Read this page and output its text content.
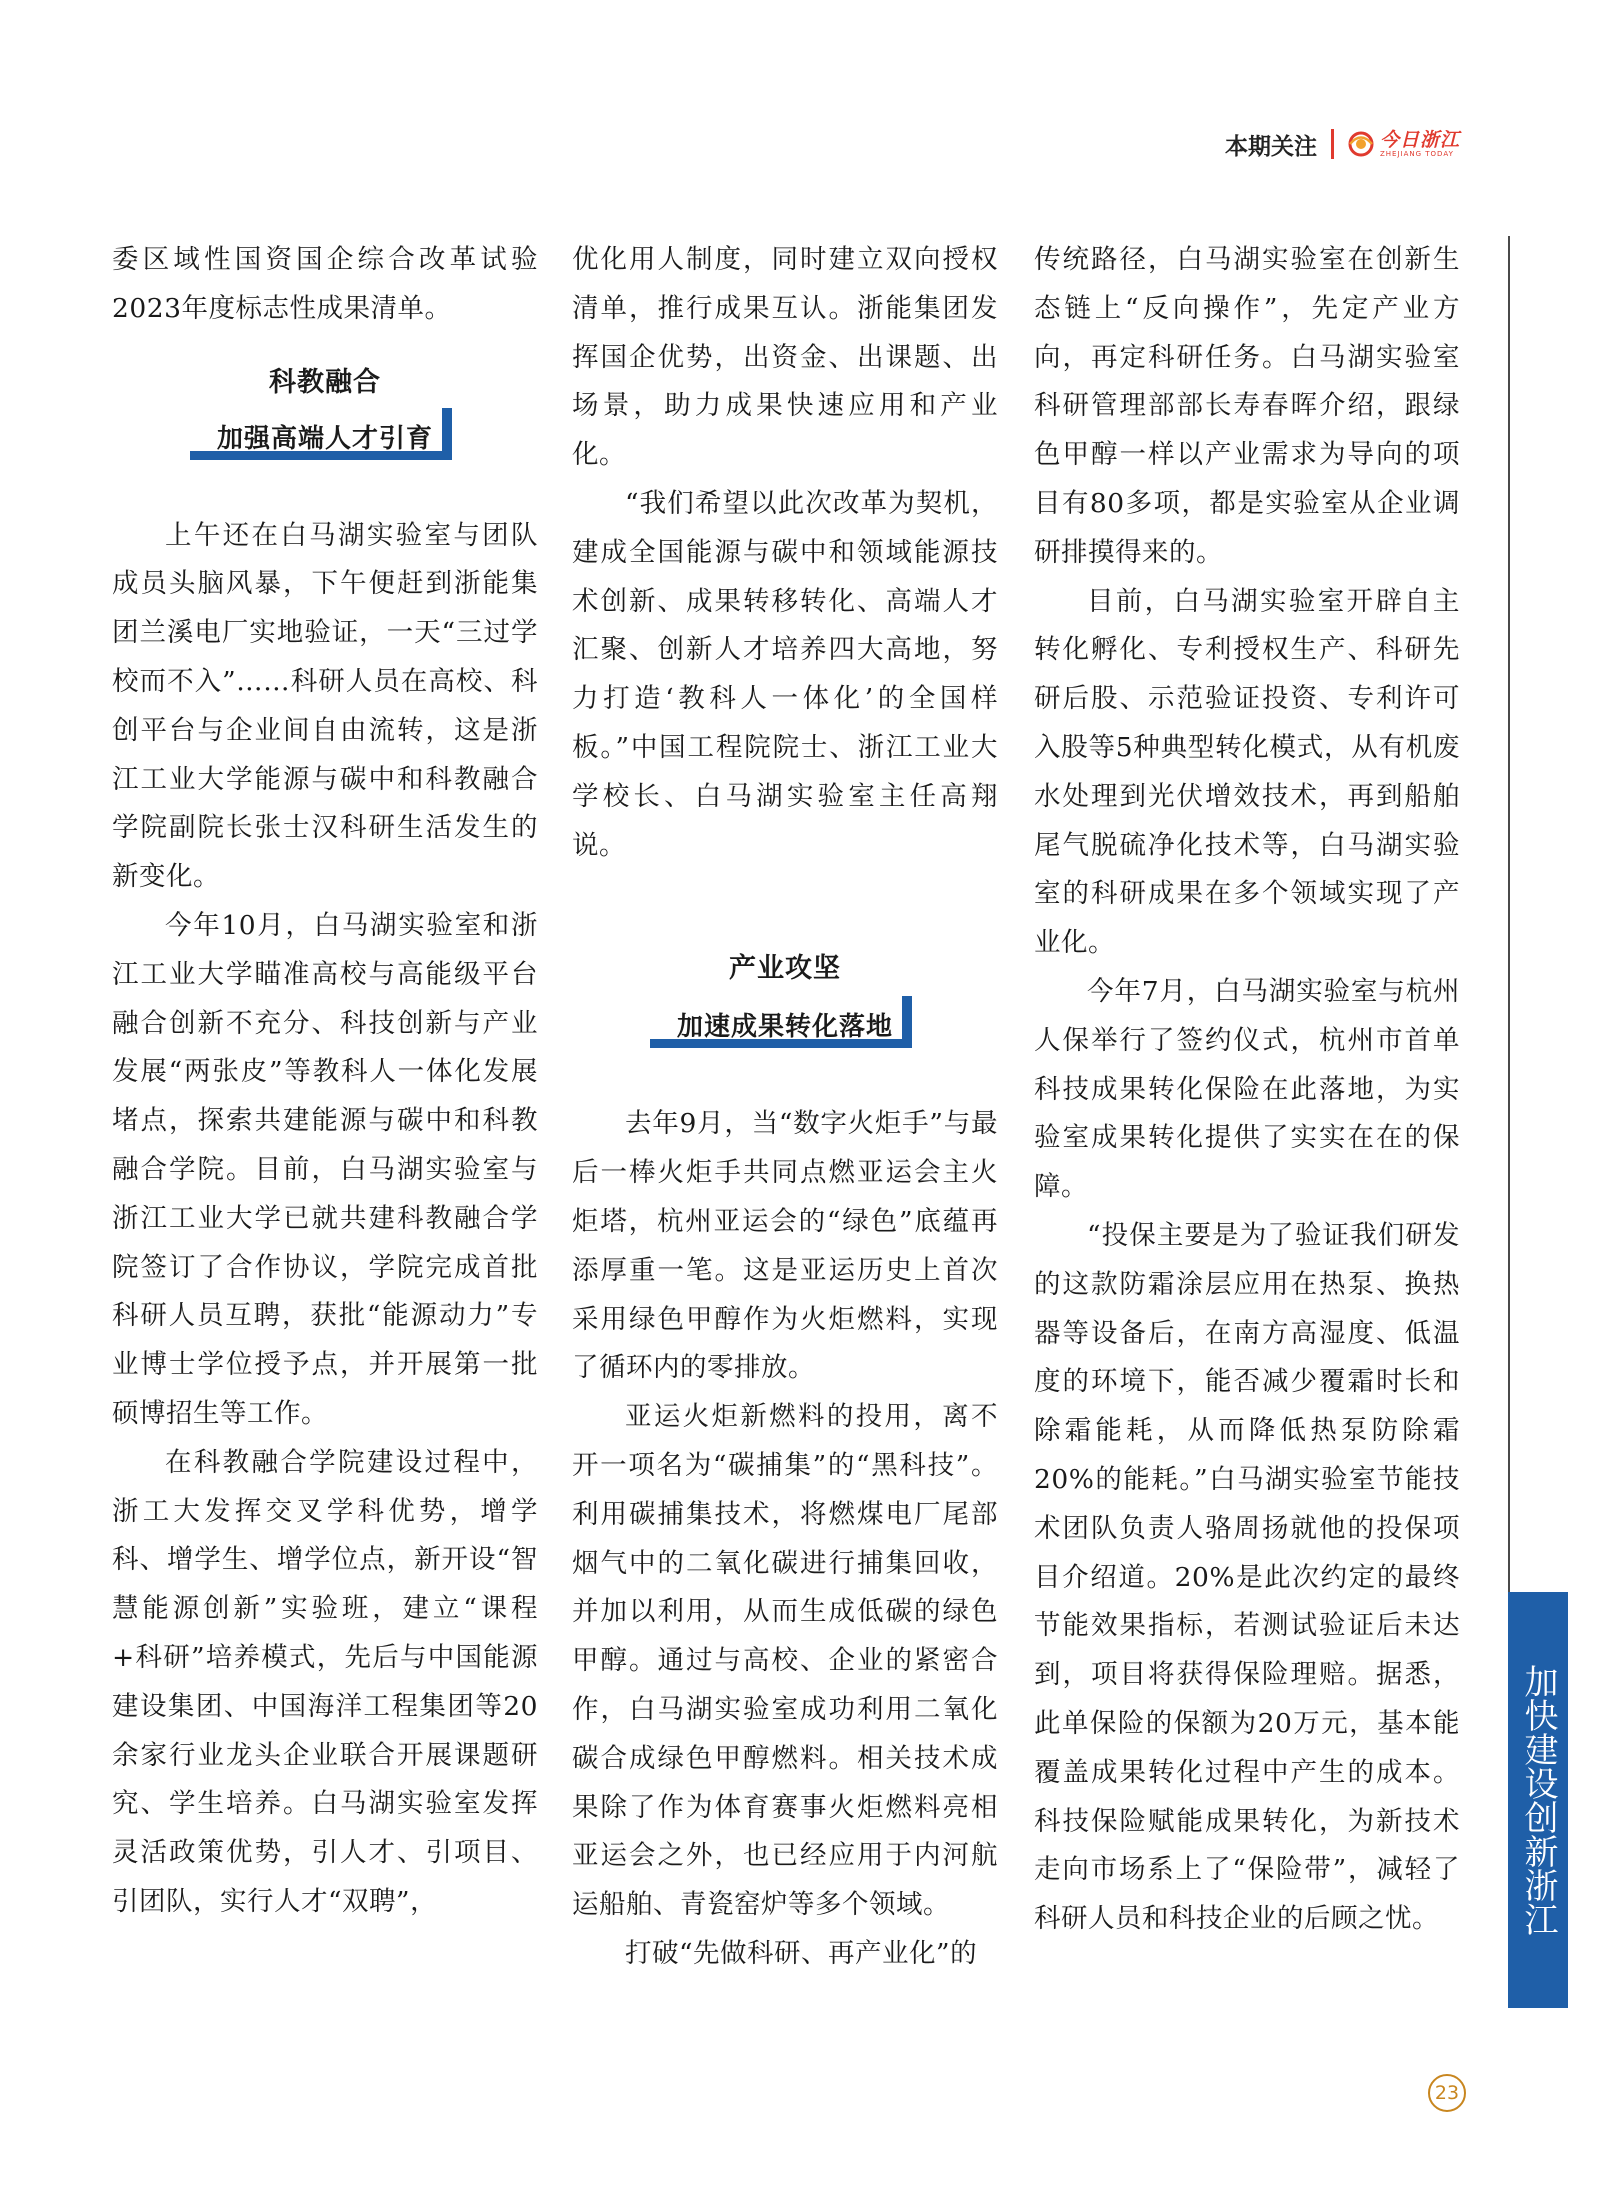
本期关注	今日浙江
ZHEJIANG TODAY

委区域性国资国企综合改革试验2023年度标志性成果清单。

科教融合
加强高端人才引育

上午还在白马湖实验室与团队成员头脑风暴，下午便赶到浙能集团兰溪电厂实地验证，一天“三过学校而不入”……科研人员在高校、科创平台与企业间自由流转，这是浙江工业大学能源与碳中和科教融合学院副院长张士汉科研生活发生的新变化。

今年10月，白马湖实验室和浙江工业大学瞄准高校与高能级平台融合创新不充分、科技创新与产业发展“两张皮”等教科人一体化发展堵点，探索共建能源与碳中和科教融合学院。目前，白马湖实验室与浙江工业大学已就共建科教融合学院签订了合作协议，学院完成首批科研人员互聘，获批“能源动力”专业博士学位授予点，并开展第一批硕博招生等工作。

在科教融合学院建设过程中，浙工大发挥交叉学科优势，增学科、增学生、增学位点，新开设“智慧能源创新”实验班，建立“课程+科研”培养模式，先后与中国能源建设集团、中国海洋工程集团等20余家行业龙头企业联合开展课题研究、学生培养。白马湖实验室发挥灵活政策优势，引人才、引项目、引团队，实行人才“双聘”，

优化用人制度，同时建立双向授权清单，推行成果互认。浙能集团发挥国企优势，出资金、出课题、出场景，助力成果快速应用和产业化。

“我们希望以此次改革为契机，建成全国能源与碳中和领域能源技术创新、成果转移转化、高端人才汇聚、创新人才培养四大高地，努力打造‘教科人一体化’的全国样板。”中国工程院院士、浙江工业大学校长、白马湖实验室主任高翔说。

产业攻坚
加速成果转化落地

去年9月，当“数字火炬手”与最后一棒火炬手共同点燃亚运会主火炬塔，杭州亚运会的“绿色”底蕴再添厚重一笔。这是亚运历史上首次采用绿色甲醇作为火炬燃料，实现了循环内的零排放。

亚运火炬新燃料的投用，离不开一项名为“碳捕集”的“黑科技”。利用碳捕集技术，将燃煤电厂尾部烟气中的二氧化碳进行捕集回收，并加以利用，从而生成低碳的绿色甲醇。通过与高校、企业的紧密合作，白马湖实验室成功利用二氧化碳合成绿色甲醇燃料。相关技术成果除了作为体育赛事火炬燃料亮相亚运会之外，也已经应用于内河航运船舶、青瓷窑炉等多个领域。

打破“先做科研、再产业化”的

传统路径，白马湖实验室在创新生态链上“反向操作”，先定产业方向，再定科研任务。白马湖实验室科研管理部部长寿春晖介绍，跟绿色甲醇一样以产业需求为导向的项目有80多项，都是实验室从企业调研排摸得来的。

目前，白马湖实验室开辟自主转化孵化、专利授权生产、科研先研后股、示范验证投资、专利许可入股等5种典型转化模式，从有机废水处理到光伏增效技术，再到船舶尾气脱硫净化技术等，白马湖实验室的科研成果在多个领域实现了产业化。

今年7月，白马湖实验室与杭州人保举行了签约仪式，杭州市首单科技成果转化保险在此落地，为实验室成果转化提供了实实在在的保障。

“投保主要是为了验证我们研发的这款防霜涂层应用在热泵、换热器等设备后，在南方高湿度、低温度的环境下，能否减少覆霜时长和除霜能耗，从而降低热泵防除霜20%的能耗。”白马湖实验室节能技术团队负责人骆周扬就他的投保项目介绍道。20%是此次约定的最终节能效果指标，若测试验证后未达到，项目将获得保险理赔。据悉，此单保险的保额为20万元，基本能覆盖成果转化过程中产生的成本。科技保险赋能成果转化，为新技术走向市场系上了“保险带”，减轻了科研人员和科技企业的后顾之忧。	加快建设创新浙江
23
